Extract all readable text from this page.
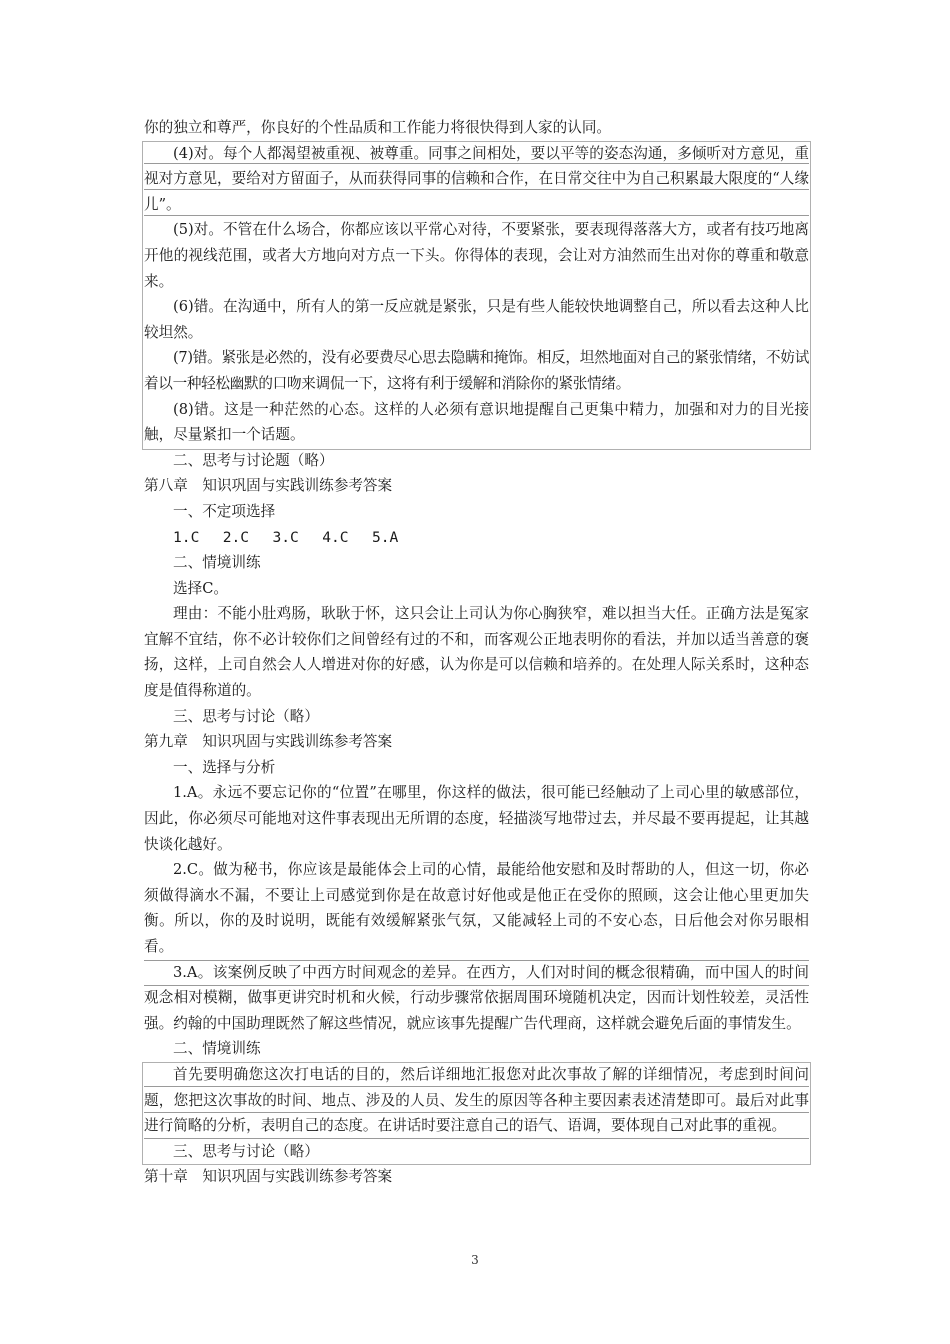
你的独立和尊严，你良好的个性品质和工作能力将很快得到人家的认同。

(4)对。每个人都渴望被重视、被尊重。同事之间相处，要以平等的姿态沟通，多倾听对方意见，重视对方意见，要给对方留面子，从而获得同事的信赖和合作，在日常交往中为自己积累最大限度的“人缘儿”。

(5)对。不管在什么场合，你都应该以平常心对待，不要紧张，要表现得落落大方，或者有技巧地离开他的视线范围，或者大方地向对方点一下头。你得体的表现，会让对方油然而生出对你的尊重和敬意来。

(6)错。在沟通中，所有人的第一反应就是紧张，只是有些人能较快地调整自己，所以看去这种人比较坦然。

(7)错。紧张是必然的，没有必要费尽心思去隐瞒和掩饰。相反，坦然地面对自己的紧张情绪，不妨试着以一种轻松幽默的口吻来调侃一下，这将有利于缓解和消除你的紧张情绪。

(8)错。这是一种茫然的心态。这样的人必须有意识地提醒自己更集中精力，加强和对力的目光接触，尽量紧扣一个话题。

二、思考与讨论题（略）

第八章　知识巩固与实践训练参考答案

一、不定项选择

1.C　 2.C　 3.C　 4.C　 5.A

二、情境训练

选择C。

理由：不能小肚鸡肠，耿耿于怀，这只会让上司认为你心胸狭窄，难以担当大任。正确方法是冤家宜解不宜结，你不必计较你们之间曾经有过的不和，而客观公正地表明你的看法，并加以适当善意的褒扬，这样，上司自然会人人增进对你的好感，认为你是可以信赖和培养的。在处理人际关系时，这种态度是值得称道的。

三、思考与讨论（略）

第九章　知识巩固与实践训练参考答案

一、选择与分析

1.A。永远不要忘记你的“位置”在哪里，你这样的做法，很可能已经触动了上司心里的敏感部位，因此，你必须尽可能地对这件事表现出无所谓的态度，轻描淡写地带过去，并尽最不要再提起，让其越快谈化越好。

2.C。做为秘书，你应该是最能体会上司的心情，最能给他安慰和及时帮助的人，但这一切，你必须做得滴水不漏，不要让上司感觉到你是在故意讨好他或是他正在受你的照顾，这会让他心里更加失衡。所以，你的及时说明，既能有效缓解紧张气氛，又能减轻上司的不安心态，日后他会对你另眼相看。

3.A。该案例反映了中西方时间观念的差异。在西方，人们对时间的概念很精确，而中国人的时间观念相对模糊，做事更讲究时机和火候，行动步骤常依据周围环境随机决定，因而计划性较差，灵活性强。约翰的中国助理既然了解这些情况，就应该事先提醒广告代理商，这样就会避免后面的事情发生。

二、情境训练

首先要明确您这次打电话的目的，然后详细地汇报您对此次事故了解的详细情况，考虑到时间问题，您把这次事故的时间、地点、涉及的人员、发生的原因等各种主要因素表述清楚即可。最后对此事进行简略的分析，表明自己的态度。在讲话时要注意自己的语气、语调，要体现自己对此事的重视。

三、思考与讨论（略）

第十章　知识巩固与实践训练参考答案

3
